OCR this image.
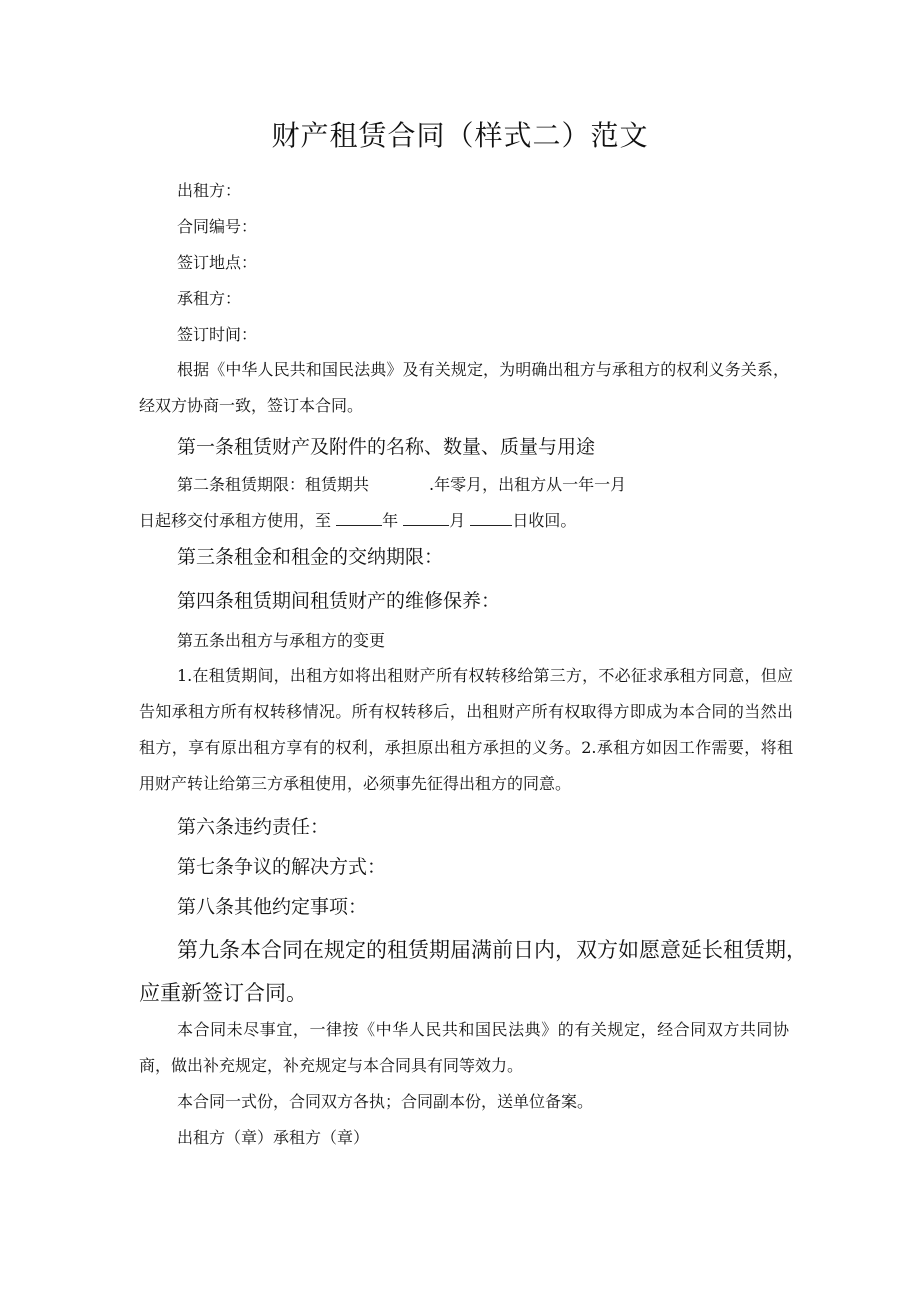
财产租赁合同（样式二）范文
出租方：
合同编号：
签订地点：
承租方：
签订时间：
根据《中华人民共和国民法典》及有关规定，为明确出租方与承租方的权利义务关系，经双方协商一致，签订本合同。
第一条租赁财产及附件的名称、数量、质量与用途
第二条租赁期限：租赁期共	.年零月，出租方从一年一月
日起移交付承租方使用，至	年	月	日收回。
第三条租金和租金的交纳期限：
第四条租赁期间租赁财产的维修保养：
第五条出租方与承租方的变更
1.在租赁期间，出租方如将出租财产所有权转移给第三方，不必征求承租方同意，但应告知承租方所有权转移情况。所有权转移后，出租财产所有权取得方即成为本合同的当然出租方，享有原出租方享有的权利，承担原出租方承担的义务。2.承租方如因工作需要，将租用财产转让给第三方承租使用，必须事先征得出租方的同意。
第六条违约责任：
第七条争议的解决方式：
第八条其他约定事项：
第九条本合同在规定的租赁期届满前日内，双方如愿意延长租赁期，
应重新签订合同。
本合同未尽事宜，一律按《中华人民共和国民法典》的有关规定，经合同双方共同协商，做出补充规定，补充规定与本合同具有同等效力。
本合同一式份，合同双方各执；合同副本份，送单位备案。
出租方（章）承租方（章）
